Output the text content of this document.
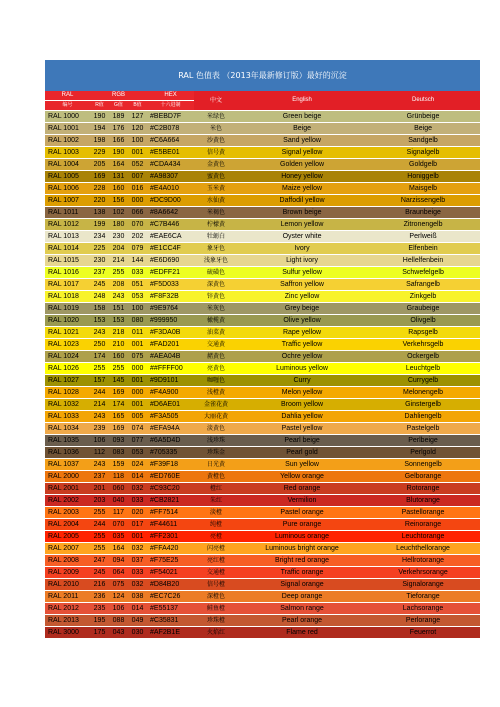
RAL 色值表 （2013年最新修订版）最好的沉淀
RAL	RGB			HEX	中文	English	Deutsch
编号	R值	G值	B值	十六进制			
RAL 1000	190	189	127	#BEBD7F	米绿色	Green beige	Grünbeige
RAL 1001	194	176	120	#C2B078	米色	Beige	Beige
RAL 1002	198	166	100	#C6A664	沙黄色	Sand yellow	Sandgelb
RAL 1003	229	190	001	#E5BE01	信号黄	Signal yellow	Signalgelb
RAL 1004	205	164	052	#CDA434	金黄色	Golden yellow	Goldgelb
RAL 1005	169	131	007	#A98307	蜜黄色	Honey yellow	Honiggelb
RAL 1006	228	160	016	#E4A010	玉米黄	Maize yellow	Maisgelb
RAL 1007	220	156	000	#DC9D00	水仙黄	Daffodil yellow	Narzissengelb
RAL 1011	138	102	066	#8A6642	米褐色	Brown beige	Braunbeige
RAL 1012	199	180	070	#C7B446	柠檬黄	Lemon yellow	Zitronengelb
RAL 1013	234	230	202	#EAE6CA	牡蛎白	Oyster white	Perlweiß
RAL 1014	225	204	079	#E1CC4F	象牙色	Ivory	Elfenbein
RAL 1015	230	214	144	#E6D690	浅象牙色	Light ivory	Hellelfenbein
RAL 1016	237	255	033	#EDFF21	硫磺色	Sulfur yellow	Schwefelgelb
RAL 1017	245	208	051	#F5D033	深黄色	Saffron yellow	Safrangelb
RAL 1018	248	243	053	#F8F32B	锌黄色	Zinc yellow	Zinkgelb
RAL 1019	158	151	100	#9E9764	米灰色	Grey beige	Graubeige
RAL 1020	153	153	080	#999950	橄榄黄	Olive yellow	Olivgelb
RAL 1021	243	218	011	#F3DA0B	油菜黄	Rape yellow	Rapsgelb
RAL 1023	250	210	001	#FAD201	交通黄	Traffic yellow	Verkehrsgelb
RAL 1024	174	160	075	#AEA04B	赭黄色	Ochre yellow	Ockergelb
RAL 1026	255	255	000	##FFFF00	亮黄色	Luminous yellow	Leuchtgelb
RAL 1027	157	145	001	#9D9101	咖喱色	Curry	Currygelb
RAL 1028	244	169	000	#F4A900	浅橙黄	Melon yellow	Melonengelb
RAL 1032	214	174	001	#D6AE01	金雀花黄	Broom yellow	Ginstergelb
RAL 1033	243	165	005	#F3A505	大丽花黄	Dahlia yellow	Dahliengelb
RAL 1034	239	169	074	#EFA94A	淡黄色	Pastel yellow	Pastelgelb
RAL 1035	106	093	077	#6A5D4D	浅珍珠	Pearl beige	Perlbeige
RAL 1036	112	083	053	#705335	珍珠金	Pearl gold	Perlgold
RAL 1037	243	159	024	#F39F18	日光黄	Sun yellow	Sonnengelb
RAL 2000	237	118	014	#ED760E	黄橙色	Yellow orange	Gelborange
RAL 2001	201	060	032	#C93C20	橙红	Red orange	Rotorange
RAL 2002	203	040	033	#CB2821	朱红	Vermilion	Blutorange
RAL 2003	255	117	020	#FF7514	淡橙	Pastel orange	Pastellorange
RAL 2004	244	070	017	#F44611	纯橙	Pure orange	Reinorange
RAL 2005	255	035	001	#FF2301	亮橙	Luminous orange	Leuchtorange
RAL 2007	255	164	032	#FFA420	闪亮橙	Luminous bright orange	Leuchthellorange
RAL 2008	247	094	037	#F75E25	亮红橙	Bright red orange	Hellrotorange
RAL 2009	245	064	033	#F54021	交通橙	Traffic orange	Verkehrsorange
RAL 2010	216	075	032	#D84B20	信号橙	Signal orange	Signalorange
RAL 2011	236	124	038	#EC7C26	深橙色	Deep orange	Tieforange
RAL 2012	235	106	014	#E55137	鲑鱼橙	Salmon range	Lachsorange
RAL 2013	195	088	049	#C35831	珍珠橙	Pearl orange	Perlorange
RAL 3000	175	043	030	#AF2B1E	火焰红	Flame red	Feuerrot
